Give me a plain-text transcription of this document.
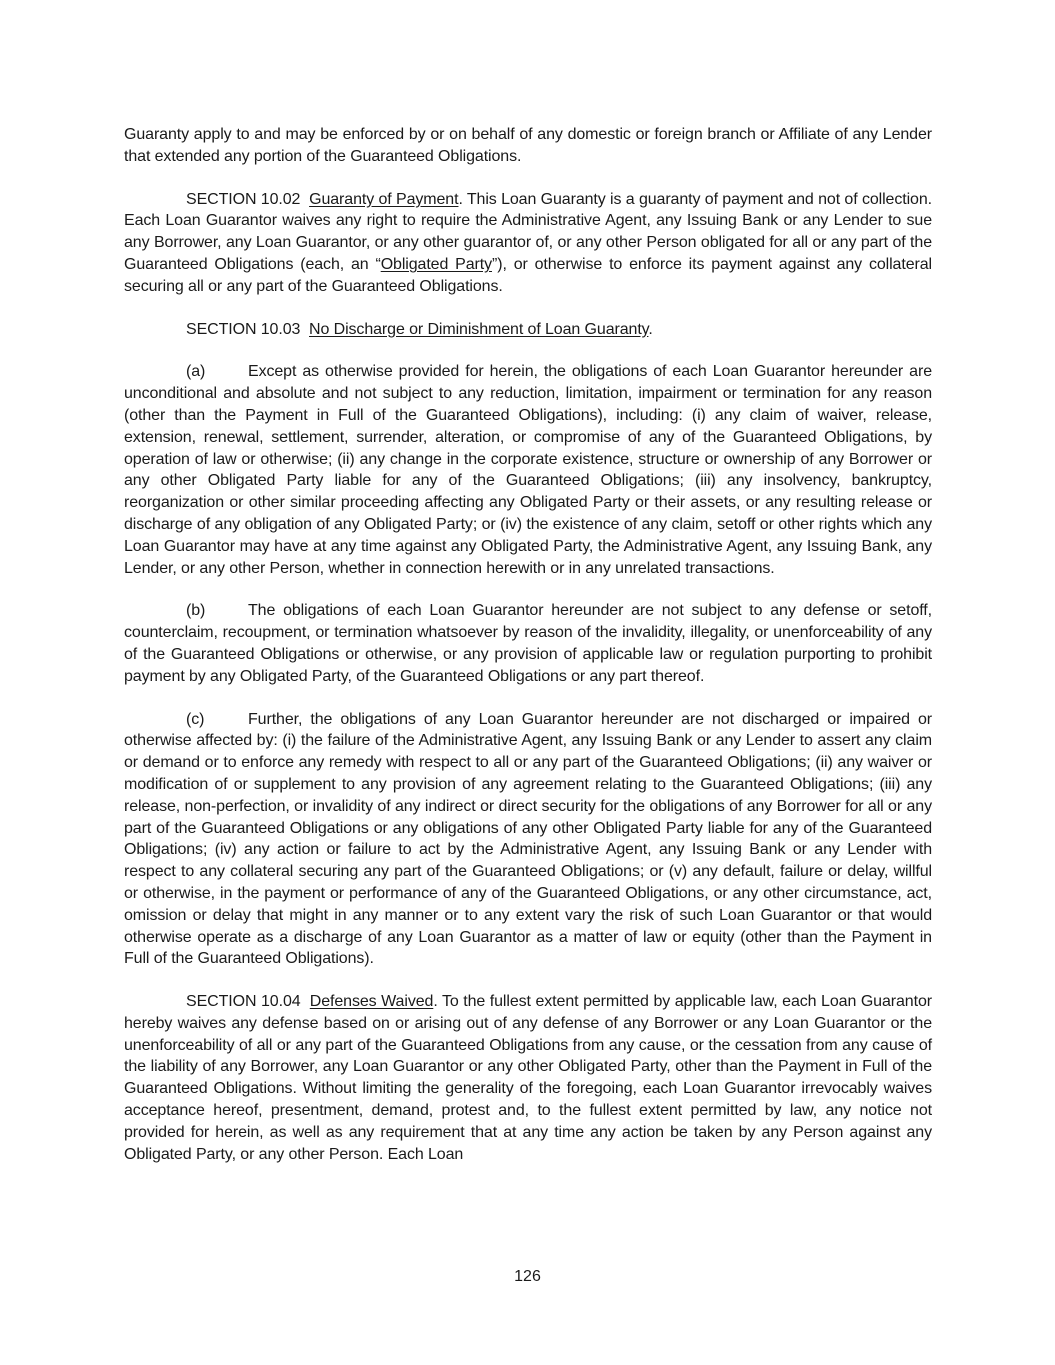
Guaranty apply to and may be enforced by or on behalf of any domestic or foreign branch or Affiliate of any Lender that extended any portion of the Guaranteed Obligations.

SECTION 10.02 Guaranty of Payment. This Loan Guaranty is a guaranty of payment and not of collection. Each Loan Guarantor waives any right to require the Administrative Agent, any Issuing Bank or any Lender to sue any Borrower, any Loan Guarantor, or any other guarantor of, or any other Person obligated for all or any part of the Guaranteed Obligations (each, an “Obligated Party”), or otherwise to enforce its payment against any collateral securing all or any part of the Guaranteed Obligations.

SECTION 10.03 No Discharge or Diminishment of Loan Guaranty.

(a)	Except as otherwise provided for herein, the obligations of each Loan Guarantor hereunder are unconditional and absolute and not subject to any reduction, limitation, impairment or termination for any reason (other than the Payment in Full of the Guaranteed Obligations), including: (i) any claim of waiver, release, extension, renewal, settlement, surrender, alteration, or compromise of any of the Guaranteed Obligations, by operation of law or otherwise; (ii) any change in the corporate existence, structure or ownership of any Borrower or any other Obligated Party liable for any of the Guaranteed Obligations; (iii) any insolvency, bankruptcy, reorganization or other similar proceeding affecting any Obligated Party or their assets, or any resulting release or discharge of any obligation of any Obligated Party; or (iv) the existence of any claim, setoff or other rights which any Loan Guarantor may have at any time against any Obligated Party, the Administrative Agent, any Issuing Bank, any Lender, or any other Person, whether in connection herewith or in any unrelated transactions.

(b)	The obligations of each Loan Guarantor hereunder are not subject to any defense or setoff, counterclaim, recoupment, or termination whatsoever by reason of the invalidity, illegality, or unenforceability of any of the Guaranteed Obligations or otherwise, or any provision of applicable law or regulation purporting to prohibit payment by any Obligated Party, of the Guaranteed Obligations or any part thereof.

(c)	Further, the obligations of any Loan Guarantor hereunder are not discharged or impaired or otherwise affected by: (i) the failure of the Administrative Agent, any Issuing Bank or any Lender to assert any claim or demand or to enforce any remedy with respect to all or any part of the Guaranteed Obligations; (ii) any waiver or modification of or supplement to any provision of any agreement relating to the Guaranteed Obligations; (iii) any release, non-perfection, or invalidity of any indirect or direct security for the obligations of any Borrower for all or any part of the Guaranteed Obligations or any obligations of any other Obligated Party liable for any of the Guaranteed Obligations; (iv) any action or failure to act by the Administrative Agent, any Issuing Bank or any Lender with respect to any collateral securing any part of the Guaranteed Obligations; or (v) any default, failure or delay, willful or otherwise, in the payment or performance of any of the Guaranteed Obligations, or any other circumstance, act, omission or delay that might in any manner or to any extent vary the risk of such Loan Guarantor or that would otherwise operate as a discharge of any Loan Guarantor as a matter of law or equity (other than the Payment in Full of the Guaranteed Obligations).

SECTION 10.04 Defenses Waived. To the fullest extent permitted by applicable law, each Loan Guarantor hereby waives any defense based on or arising out of any defense of any Borrower or any Loan Guarantor or the unenforceability of all or any part of the Guaranteed Obligations from any cause, or the cessation from any cause of the liability of any Borrower, any Loan Guarantor or any other Obligated Party, other than the Payment in Full of the Guaranteed Obligations. Without limiting the generality of the foregoing, each Loan Guarantor irrevocably waives acceptance hereof, presentment, demand, protest and, to the fullest extent permitted by law, any notice not provided for herein, as well as any requirement that at any time any action be taken by any Person against any Obligated Party, or any other Person. Each Loan

126
